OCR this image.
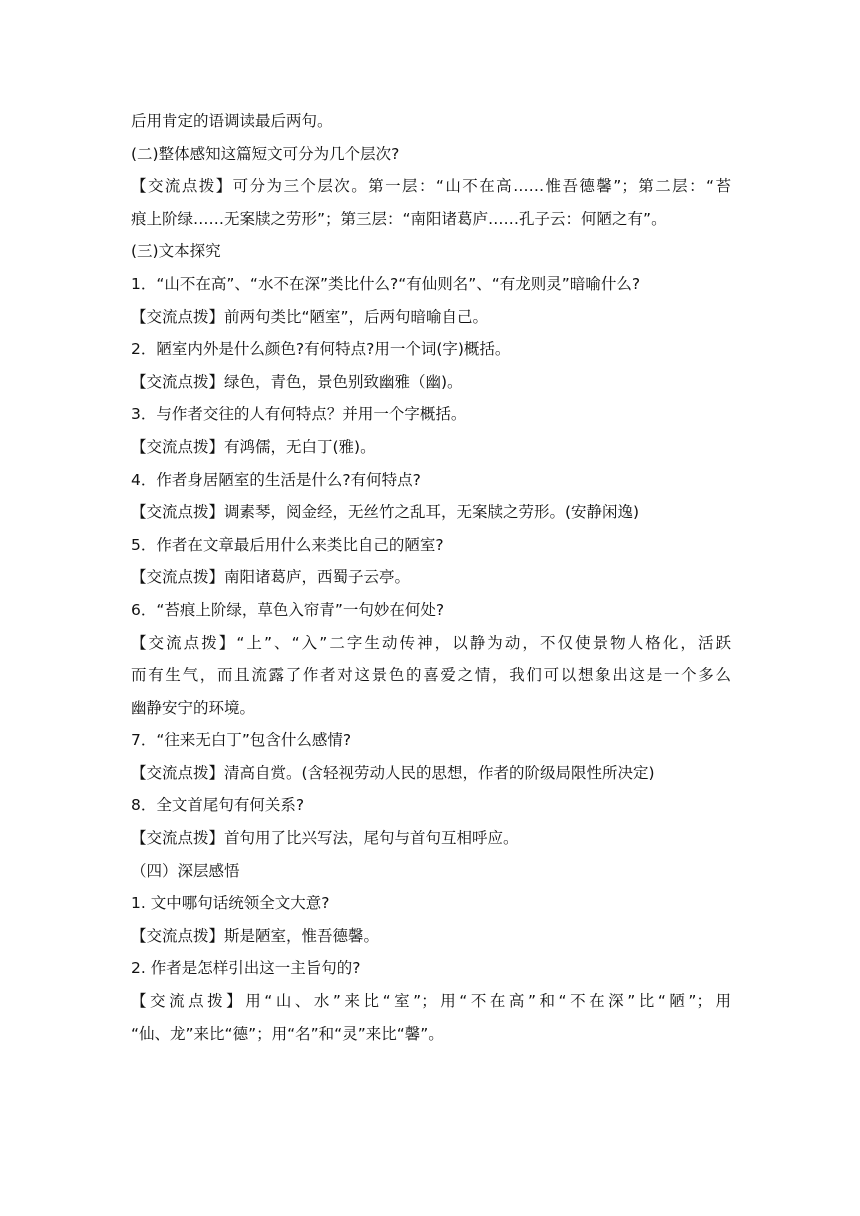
后用肯定的语调读最后两句。
(二)整体感知这篇短文可分为几个层次?
【交流点拨】可分为三个层次。第一层：“山不在高……惟吾德馨”；第二层：“苔
痕上阶绿……无案牍之劳形”；第三层：“南阳诸葛庐……孔子云：何陋之有”。
(三)文本探究
1．“山不在高”、“水不在深”类比什么?“有仙则名”、“有龙则灵”暗喻什么?
【交流点拨】前两句类比“陋室”，后两句暗喻自己。
2．陋室内外是什么颜色?有何特点?用一个词(字)概括。
【交流点拨】绿色，青色，景色别致幽雅（幽)。
3．与作者交往的人有何特点？并用一个字概括。
【交流点拨】有鸿儒，无白丁(雅)。
4．作者身居陋室的生活是什么?有何特点?
【交流点拨】调素琴，阅金经，无丝竹之乱耳，无案牍之劳形。(安静闲逸)
5．作者在文章最后用什么来类比自己的陋室?
【交流点拨】南阳诸葛庐，西蜀子云亭。
6．“苔痕上阶绿，草色入帘青”一句妙在何处?
【交流点拨】“上”、“入”二字生动传神，以静为动，不仅使景物人格化，活跃
而有生气，而且流露了作者对这景色的喜爱之情，我们可以想象出这是一个多么
幽静安宁的环境。
7．“往来无白丁”包含什么感情?
【交流点拨】清高自赏。(含轻视劳动人民的思想，作者的阶级局限性所决定)
8．全文首尾句有何关系?
【交流点拨】首句用了比兴写法，尾句与首句互相呼应。
（四）深层感悟
1. 文中哪句话统领全文大意?
【交流点拨】斯是陋室，惟吾德馨。
2. 作者是怎样引出这一主旨句的?
【交流点拨】用“山、水”来比“室”；用“不在高”和“不在深”比“陋”；用
“仙、龙”来比“德”；用“名”和“灵”来比“馨”。
